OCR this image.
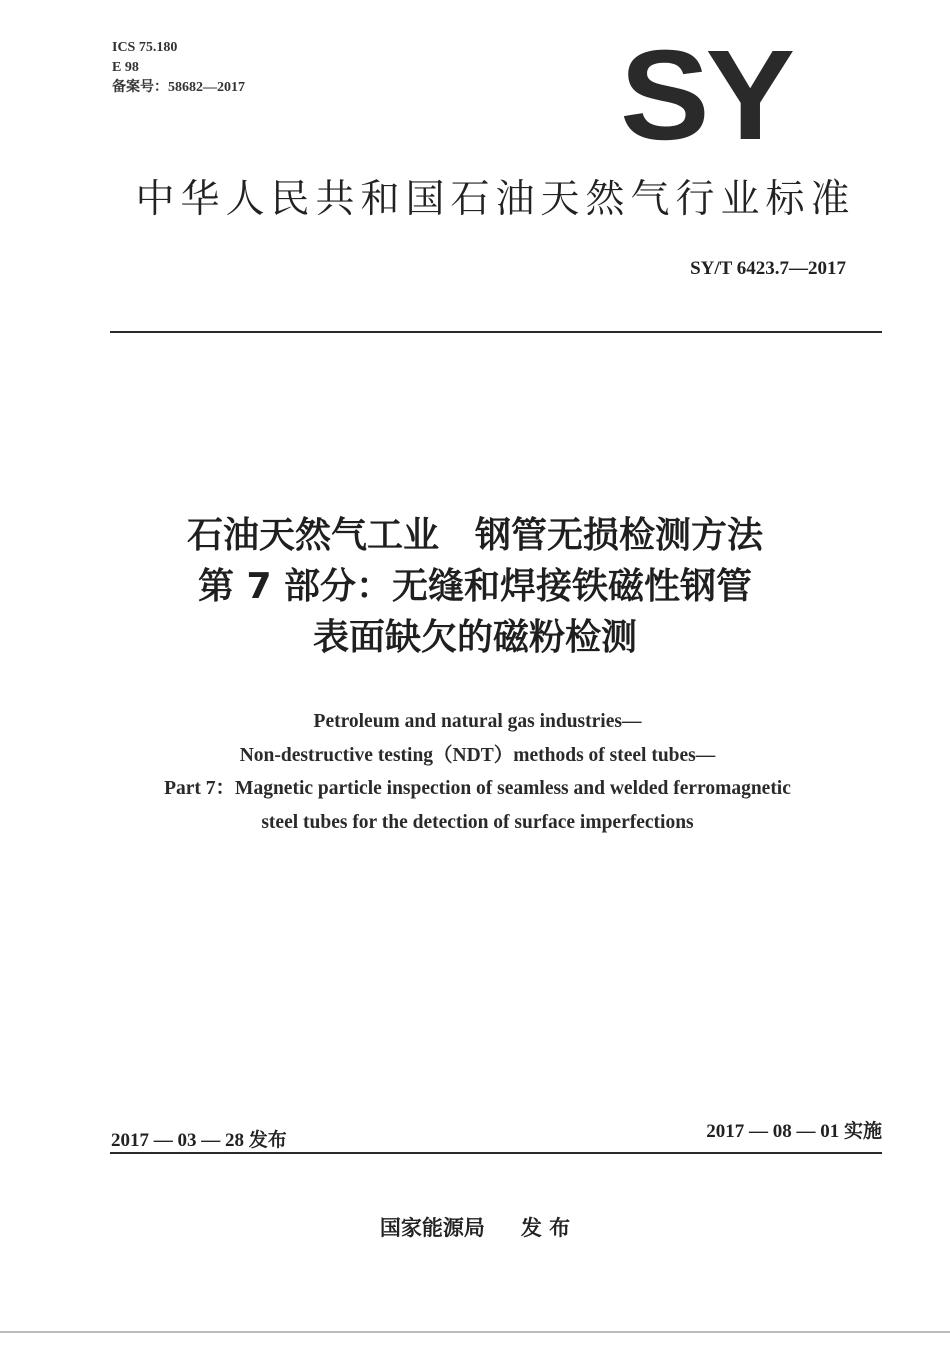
ICS 75.180
E 98
备案号：58682—2017	SY
中华人民共和国石油天然气行业标准
SY/T 6423.7—2017
石油天然气工业　钢管无损检测方法
第 7 部分：无缝和焊接铁磁性钢管
表面缺欠的磁粉检测
Petroleum and natural gas industries—
Non-destructive testing（NDT）methods of steel tubes—
Part 7：Magnetic particle inspection of seamless and welded ferromagnetic
steel tubes for the detection of surface imperfections
2017 — 03 — 28 发布	2017 — 08 — 01 实施
国家能源局 发 布
